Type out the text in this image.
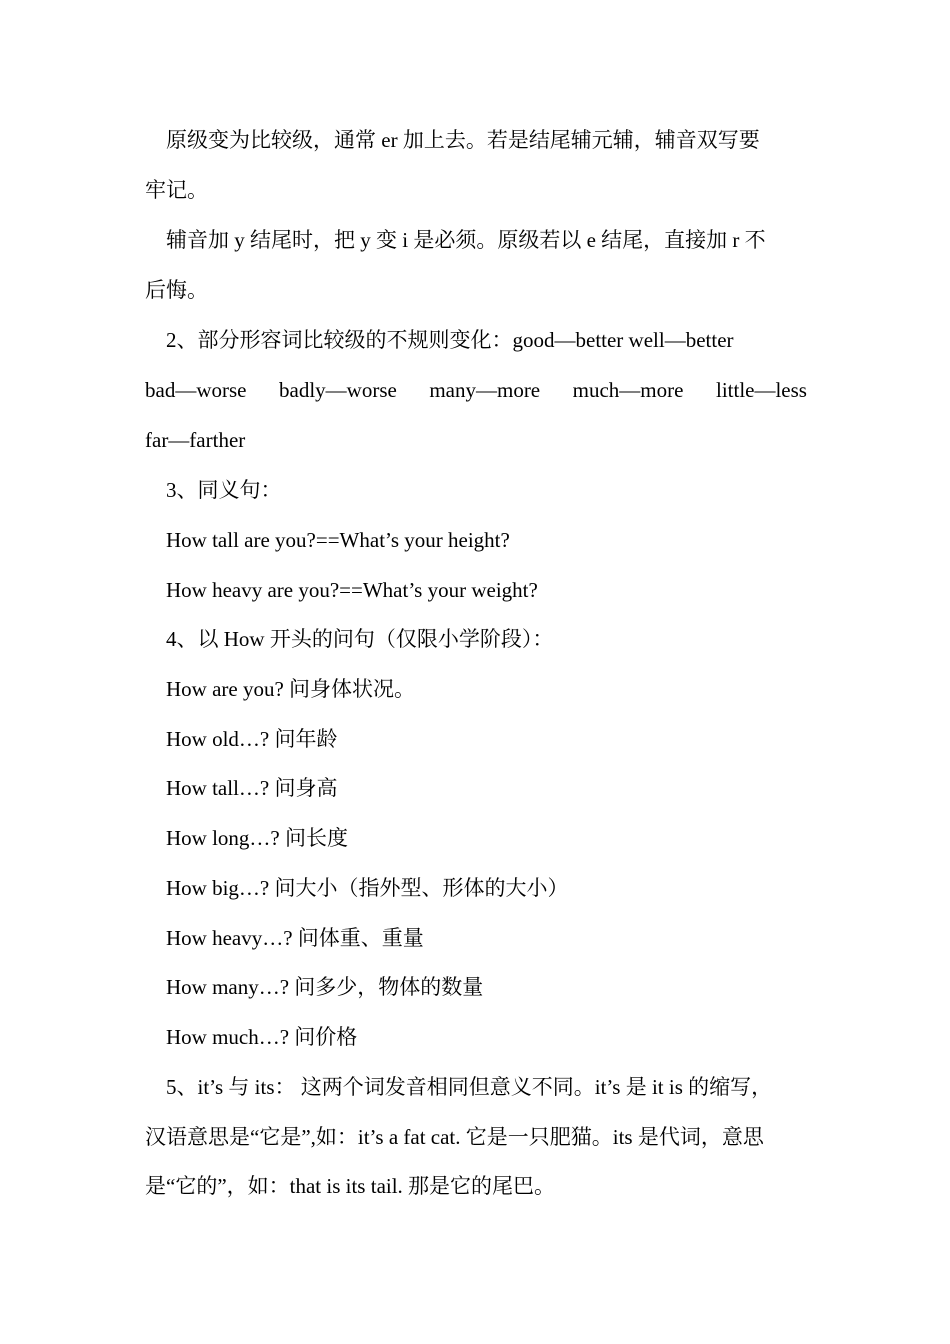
原级变为比较级，通常 er 加上去。若是结尾辅元辅，辅音双写要
牢记。
辅音加 y 结尾时，把 y 变 i 是必须。原级若以 e 结尾，直接加 r 不
后悔。
2、部分形容词比较级的不规则变化：good—better well—better
bad—worse badly—worse many—more much—more little—less
far—farther
3、同义句：
How tall are you?==What’s your height?
How heavy are you?==What’s your weight?
4、以 How 开头的问句（仅限小学阶段）：
How are you? 问身体状况。
How old…? 问年龄
How tall…? 问身高
How long…? 问长度
How big…? 问大小（指外型、形体的大小）
How heavy…? 问体重、重量
How many…? 问多少，物体的数量
How much…? 问价格
5、it’s 与 its： 这两个词发音相同但意义不同。it’s 是 it is 的缩写，
汉语意思是“它是”,如：it’s a fat cat. 它是一只肥猫。its 是代词，意思
是“它的”，如：that is its tail. 那是它的尾巴。
